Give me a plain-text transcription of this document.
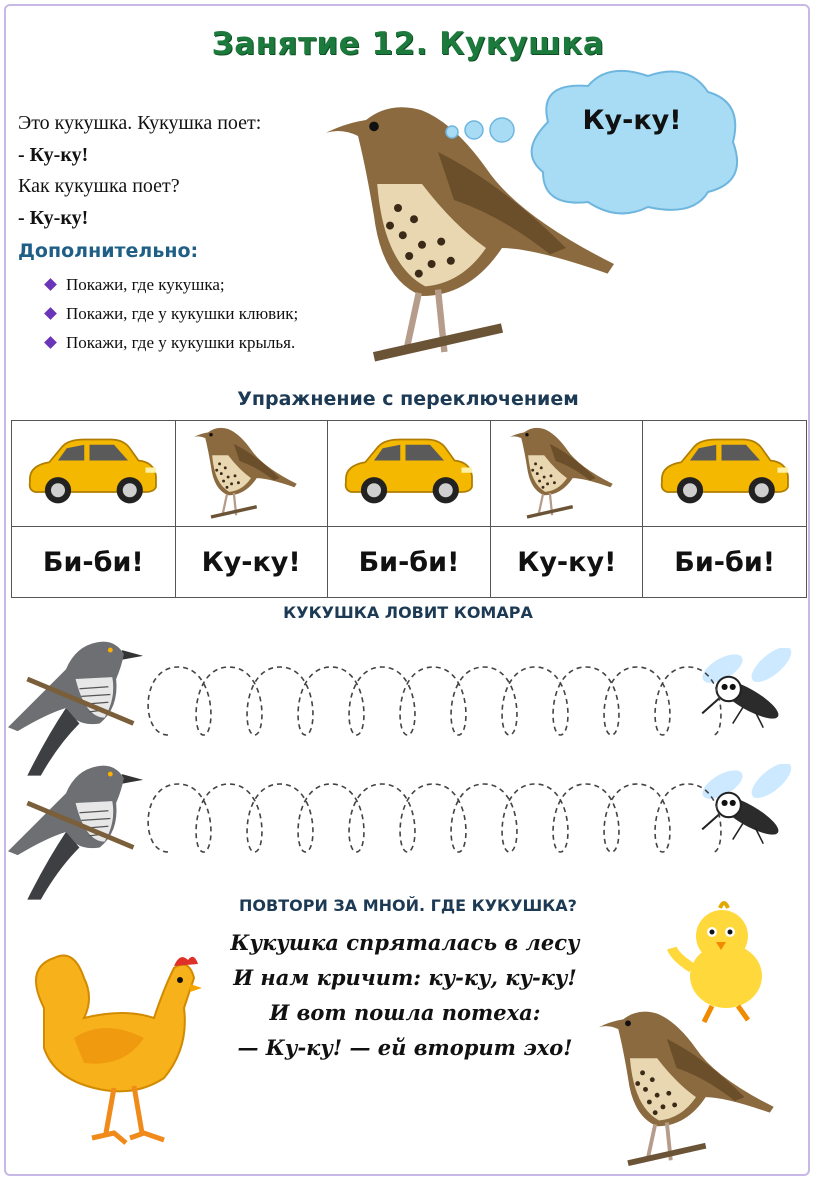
Занятие 12. Кукушка
Это кукушка. Кукушка поет:
- Ку-ку!
Как кукушка поет?
- Ку-ку!
Ку-ку!
Дополнительно:
Покажи, где кукушка;
Покажи, где у кукушки клювик;
Покажи, где у кукушки крылья.
Упражнение с переключением

Би-би!	Ку-ку!	Би-би!	Ку-ку!	Би-би!
КУКУШКА ЛОВИТ КОМАРА
ПОВТОРИ ЗА МНОЙ. ГДЕ КУКУШКА?
Кукушка спряталась в лесу
И нам кричит: ку-ку, ку-ку!
И вот пошла потеха:
— Ку-ку! — ей вторит эхо!
